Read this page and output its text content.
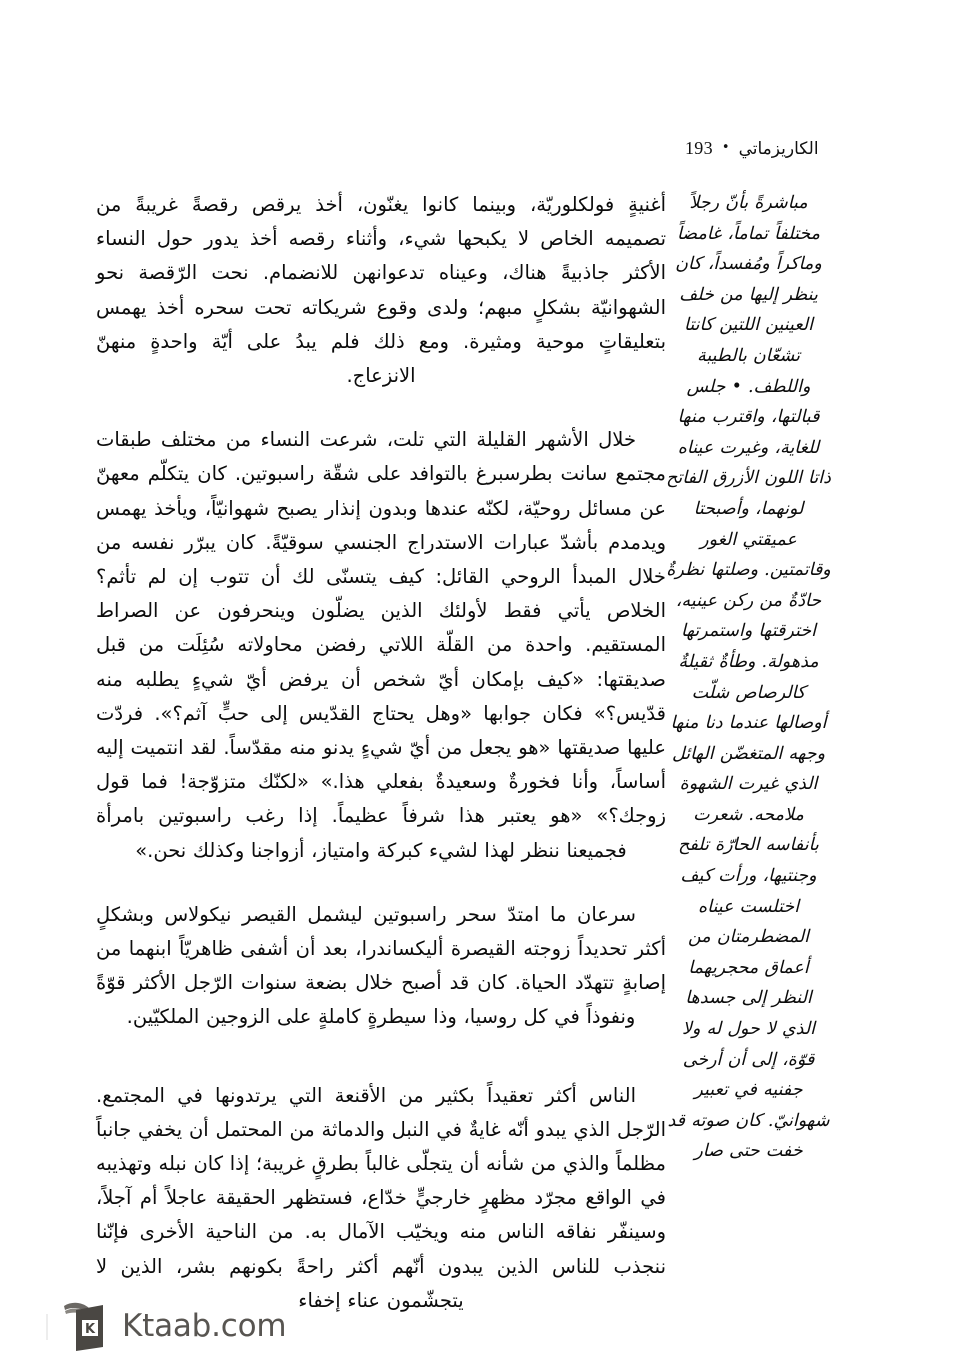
الكاريزماتي
•
193

أغنيةٍ فولكلوريّة، وبينما كانوا يغنّون، أخذ يرقص رقصةً غريبةً من تصميمه الخاص لا يكبحها شيء، وأثناء رقصه أخذ يدور حول النساء الأكثر جاذبيةً هناك، وعيناه تدعوانهن للانضمام. نحت الرّقصة نحو الشهوانيّة بشكلٍ مبهم؛ ولدى وقوع شريكاته تحت سحره أخذ يهمس بتعليقاتٍ موحية ومثيرة. ومع ذلك فلم يبدُ على أيّة واحدةٍ منهنّ الانزعاج.

خلال الأشهر القليلة التي تلت، شرعت النساء من مختلف طبقات مجتمع سانت بطرسبرغ بالتوافد على شقّة راسبوتين. كان يتكلّم معهنّ عن مسائل روحيّة، لكنّه عندها وبدون إنذار يصبح شهوانيّاً، ويأخذ يهمس ويدمدم بأشدّ عبارات الاستدراج الجنسي سوقيّةً. كان يبرّر نفسه من خلال المبدأ الروحي القائل: كيف يتسنّى لك أن تتوب إن لم تأثم؟ الخلاص يأتي فقط لأولئك الذين يضلّون وينحرفون عن الصراط المستقيم. واحدة من القلّة اللاتي رفضن محاولاته سُئِلَت من قبل صديقتها: «كيف بإمكان أيّ شخص أن يرفض أيّ شيءٍ يطلبه منه قدّيس؟» فكان جوابها «وهل يحتاج القدّيس إلى حبٍّ آثم؟». فردّت عليها صديقتها «هو يجعل من أيّ شيءٍ يدنو منه مقدّساً. لقد انتميت إليه أساساً، وأنا فخورةٌ وسعيدةٌ بفعلي هذا.» «لكنّك متزوّجة! فما قول زوجك؟» «هو يعتبر هذا شرفاً عظيماً. إذا رغب راسبوتين بامرأة فجميعنا ننظر لهذا لشيء كبركة وامتياز، أزواجنا وكذلك نحن.»

سرعان ما امتدّ سحر راسبوتين ليشمل القيصر نيكولاس وبشكلٍ أكثر تحديداً زوجته القيصرة أليكساندرا، بعد أن أشفى ظاهريّاً ابنهما من إصابةٍ تتهدّد الحياة. كان قد أصبح خلال بضعة سنوات الرّجل الأكثر قوّةً ونفوذاً في كل روسيا، وذا سيطرةٍ كاملةٍ على الزوجين الملكيّين.

الناس أكثر تعقيداً بكثير من الأقنعة التي يرتدونها في المجتمع. الرّجل الذي يبدو أنّه غايةٌ في النبل والدماثة من المحتمل أن يخفي جانباً مظلماً والذي من شأنه أن يتجلّى غالباً بطرقٍ غريبة؛ إذا كان نبله وتهذيبه في الواقع مجرّد مظهرٍ خارجيٍّ خدّاع، فستظهر الحقيقة عاجلاً أم آجلاً، وسينفّر نفاقه الناس منه ويخيّب الآمال به. من الناحية الأخرى فإنّنا ننجذب للناس الذين يبدون أنّهم أكثر راحةً بكونهم بشر، الذين لا يتجشّمون عناء إخفاء

مباشرةً بأنّ رجلاً مختلفاً تماماً، غامضاً وماكراً ومُفسداً، كان ينظر إليها من خلف العينين اللتين كانتا تشعّان بالطيبة واللطف. • جلس قبالتها، واقترب منها للغاية، وغيرت عيناه ذاتا اللون الأزرق الفاتح لونهما، وأصبحتا عميقتي الغور وقاتمتين. وصلتها نظرةٌ حادّةٌ من ركن عينيه، اخترقتها واستمرتها مذهولة. وطأةٌ ثقيلةٌ كالرصاص شلّت أوصالها عندما دنا منها وجهه المتغضّن الهائل الذي غيرت الشهوة ملامحه. شعرت بأنفاسه الحارّة تلفح وجنتيها، ورأت كيف اختلست عيناه المضطرمتان من أعماق محجريهما النظر إلى جسدها الذي لا حول له ولا قوّة، إلى أن أرخى جفنيه في تعبير شهوانيّ. كان صوته قد خفت حتى صار

K Ktaab.com
